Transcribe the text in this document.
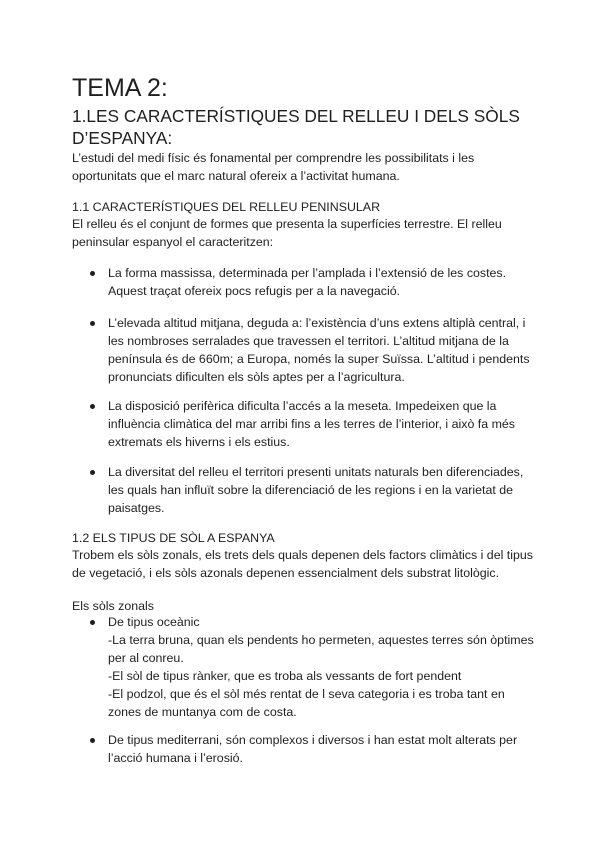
TEMA 2:
1.LES CARACTERÍSTIQUES DEL RELLEU I DELS SÒLS
D’ESPANYA:
L’estudi del medi físic és fonamental per comprendre les possibilitats i les
oportunitats que el marc natural ofereix a l’activitat humana.
1.1 CARACTERÍSTIQUES DEL RELLEU PENINSULAR
El relleu és el conjunt de formes que presenta la superfícies terrestre. El relleu
peninsular espanyol el caracteritzen:
La forma massissa, determinada per l’amplada i l’extensió de les costes.
Aquest traçat ofereix pocs refugis per a la navegació.
L’elevada altitud mitjana, deguda a: l’existència d’uns extens altiplà central, i
les nombroses serralades que travessen el territori. L’altitud mitjana de la
península és de 660m; a Europa, només la super Suïssa. L’altitud i pendents
pronunciats dificulten els sòls aptes per a l’agricultura.
La disposició perifèrica dificulta l’accés a la meseta. Impedeixen que la
influència climàtica del mar arribi fins a les terres de l’interior, i això fa més
extremats els hiverns i els estius.
La diversitat del relleu el territori presenti unitats naturals ben diferenciades,
les quals han influït sobre la diferenciació de les regions i en la varietat de
paisatges.
1.2 ELS TIPUS DE SÒL A ESPANYA
Trobem els sòls zonals, els trets dels quals depenen dels factors climàtics i del tipus
de vegetació, i els sòls azonals depenen essencialment dels substrat litològic.
Els sòls zonals
De tipus oceànic
-La terra bruna, quan els pendents ho permeten, aquestes terres són òptimes
per al conreu.
-El sòl de tipus rànker, que es troba als vessants de fort pendent
-El podzol, que és el sòl més rentat de l seva categoria i es troba tant en
zones de muntanya com de costa.
De tipus mediterrani, són complexos i diversos i han estat molt alterats per
l’acció humana i l’erosió.
